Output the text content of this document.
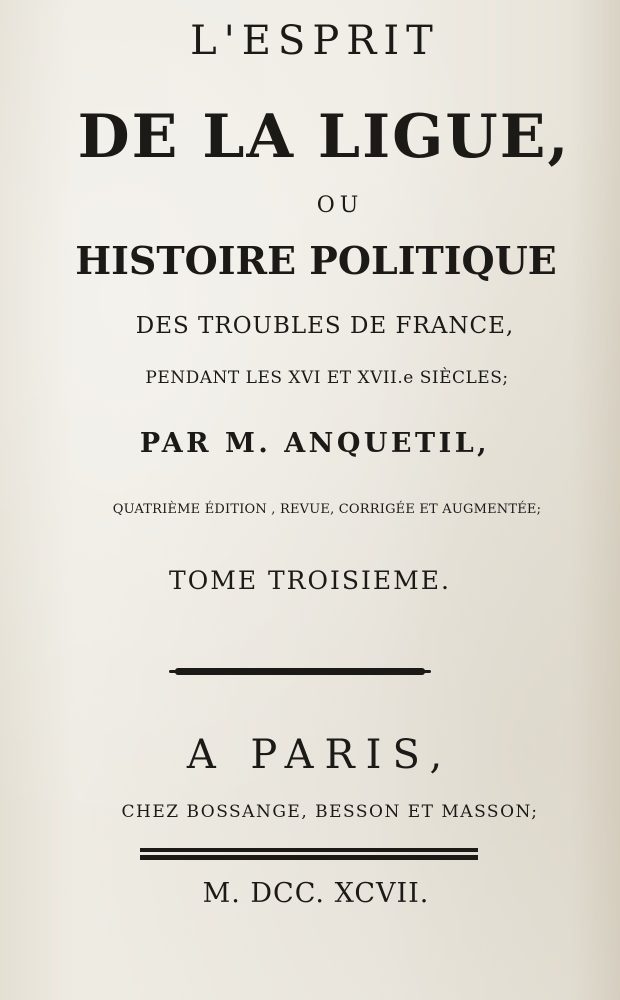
L'ESPRIT
DE LA LIGUE,
OU
HISTOIRE POLITIQUE
DES TROUBLES DE FRANCE,
PENDANT LES XVI ET XVII.e SIÈCLES;
PAR M. ANQUETIL,
QUATRIÈME ÉDITION , REVUE, CORRIGÉE ET AUGMENTÉE;
TOME TROISIEME.
A PARIS,
CHEZ BOSSANGE, BESSON ET MASSON;
M. DCC. XCVII.
